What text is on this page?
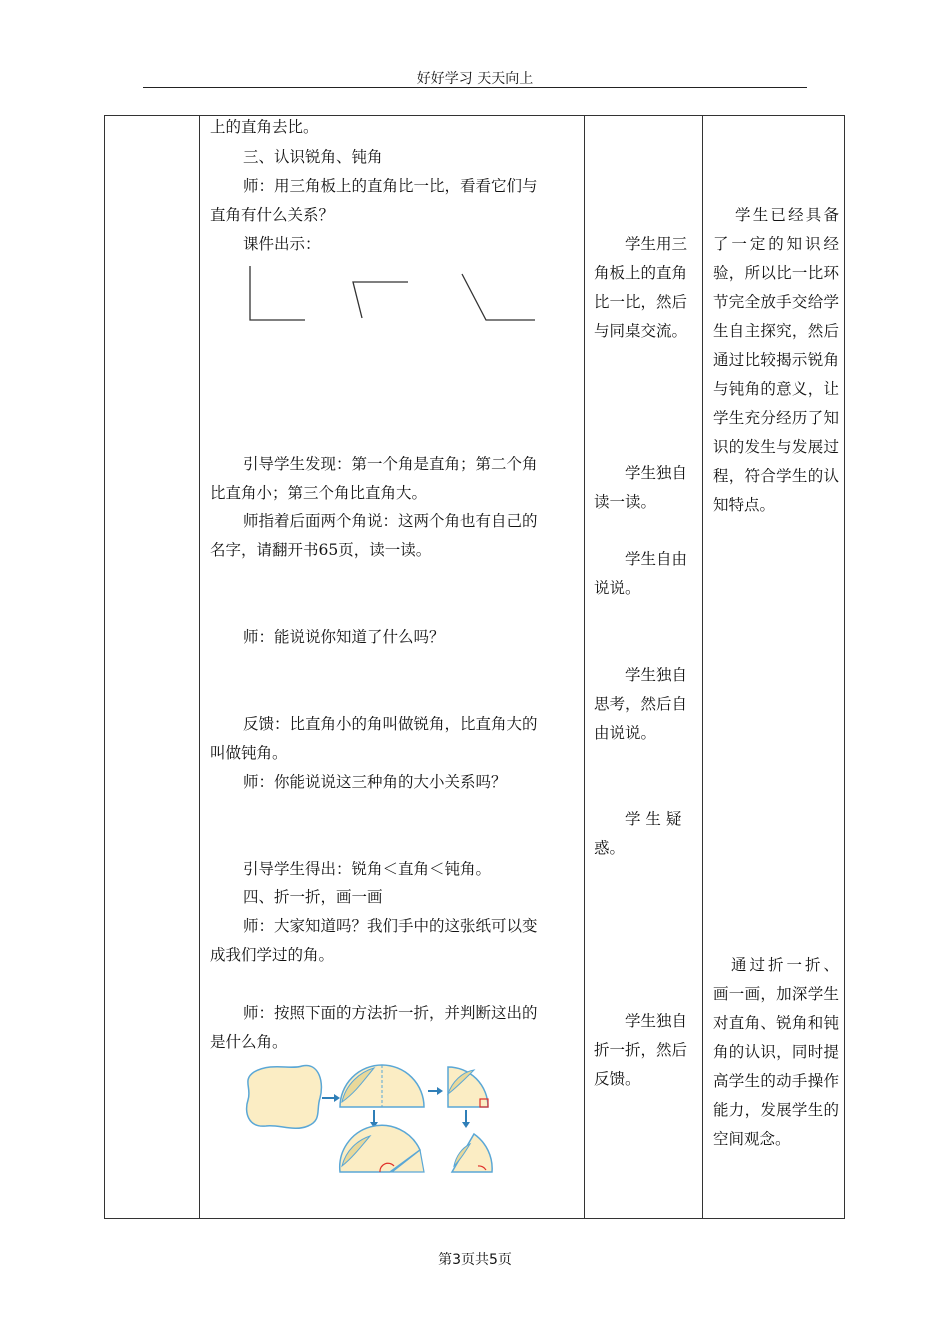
好好学习 天天向上
上的直角去比。
三、认识锐角、钝角
师：用三角板上的直角比一比，看看它们与
直角有什么关系？
课件出示：
引导学生发现：第一个角是直角；第二个角
比直角小；第三个角比直角大。
师指着后面两个角说：这两个角也有自己的
名字，请翻开书65页，读一读。
师：能说说你知道了什么吗？
反馈：比直角小的角叫做锐角，比直角大的
叫做钝角。
师：你能说说这三种角的大小关系吗？
引导学生得出：锐角＜直角＜钝角。
四、折一折，画一画
师：大家知道吗？我们手中的这张纸可以变
成我们学过的角。
师：按照下面的方法折一折，并判断这出的
是什么角。
学生用三角板上的直角比一比，然后与同桌交流。
学生独自读一读。
学生自由说说。
学生独自思考，然后自由说说。
学 生 疑 惑。
学生独自折一折，然后反馈。
学生已经具备了一定的知识经验，所以比一比环节完全放手交给学生自主探究，然后通过比较揭示锐角与钝角的意义，让学生充分经历了知识的发生与发展过程，符合学生的认知特点。
通过折一折、画一画，加深学生对直角、锐角和钝角的认识，同时提高学生的动手操作能力，发展学生的空间观念。
第3页共5页
